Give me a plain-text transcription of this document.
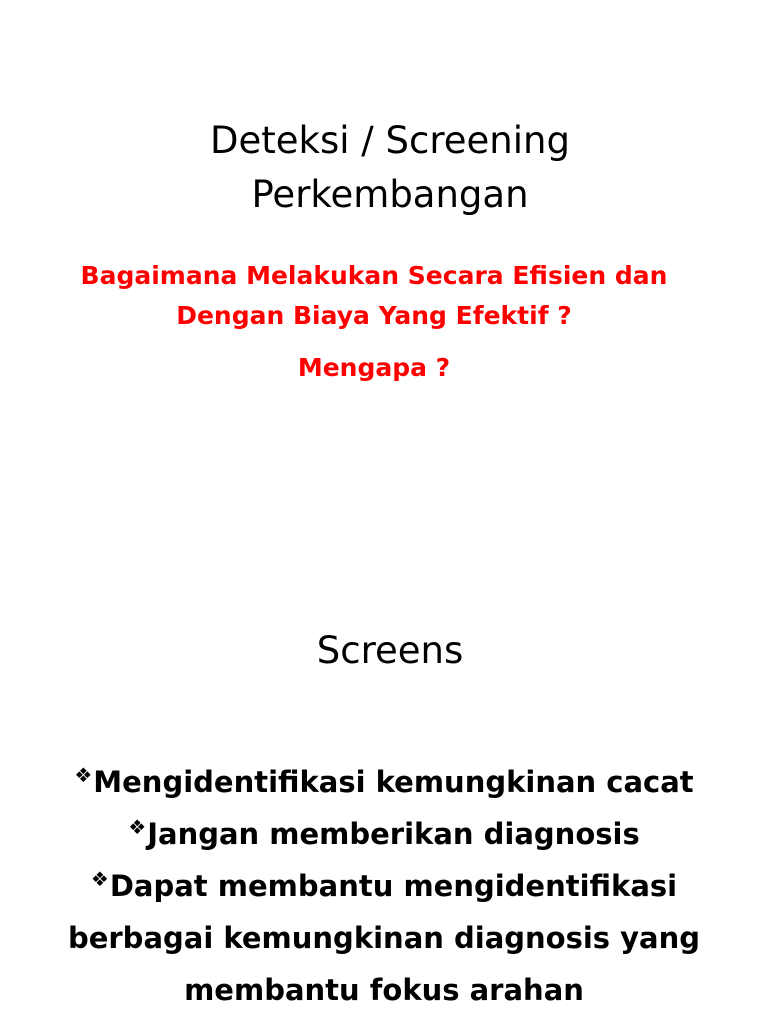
Deteksi / Screening
Perkembangan
Bagaimana Melakukan Secara Efisien dan
Dengan Biaya Yang Efektif ?
Mengapa ?
Screens
❖Mengidentifikasi kemungkinan cacat
❖Jangan memberikan diagnosis
❖Dapat membantu mengidentifikasi berbagai kemungkinan diagnosis yang membantu fokus arahan
